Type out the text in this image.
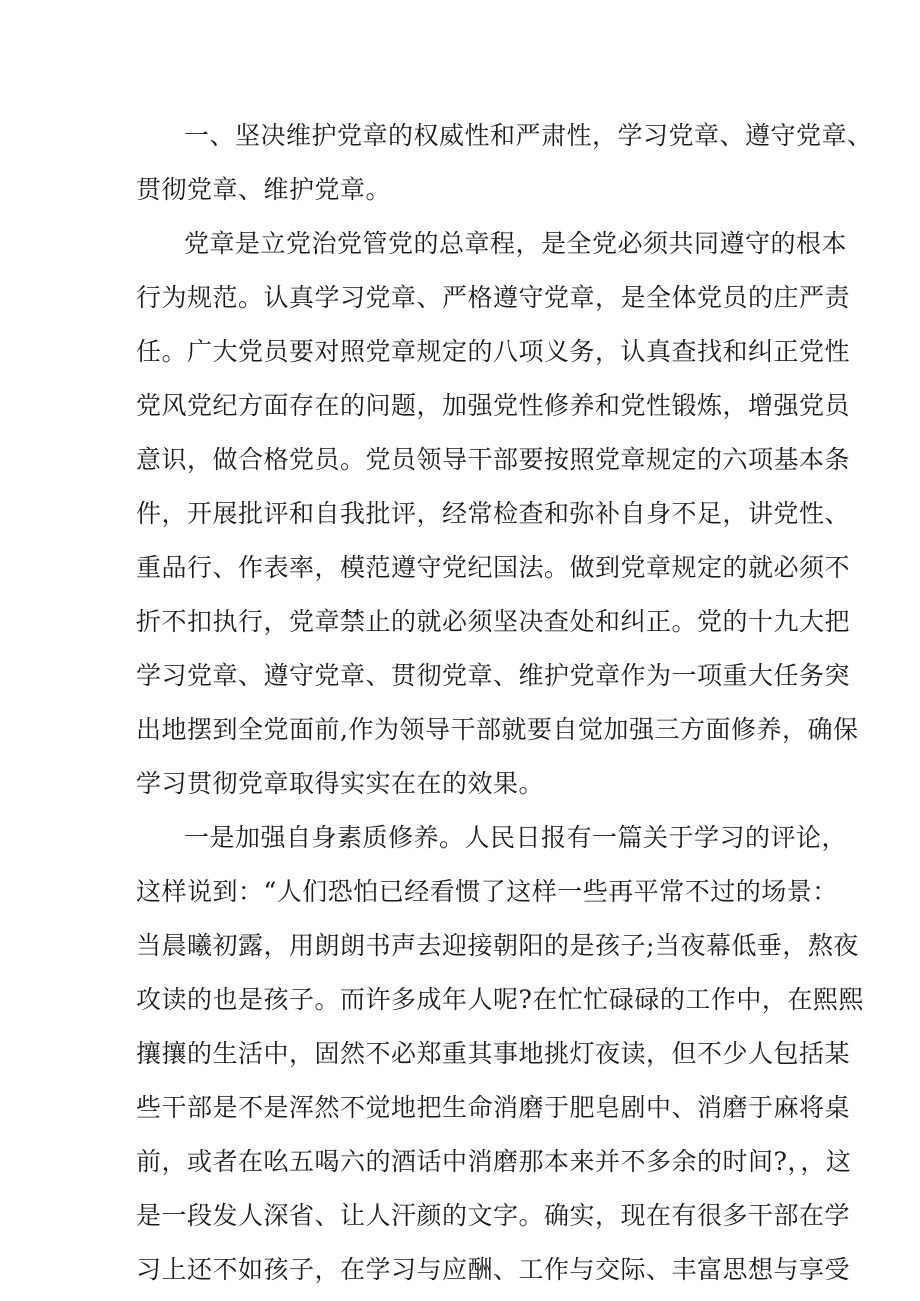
一、坚决维护党章的权威性和严肃性，学习党章、遵守党章、
贯彻党章、维护党章。
党章是立党治党管党的总章程，是全党必须共同遵守的根本
行为规范。认真学习党章、严格遵守党章，是全体党员的庄严责
任。广大党员要对照党章规定的八项义务，认真查找和纠正党性
党风党纪方面存在的问题，加强党性修养和党性锻炼，增强党员
意识，做合格党员。党员领导干部要按照党章规定的六项基本条
件，开展批评和自我批评，经常检查和弥补自身不足，讲党性、
重品行、作表率，模范遵守党纪国法。做到党章规定的就必须不
折不扣执行，党章禁止的就必须坚决查处和纠正。党的十九大把
学习党章、遵守党章、贯彻党章、维护党章作为一项重大任务突
出地摆到全党面前,作为领导干部就要自觉加强三方面修养，确保
学习贯彻党章取得实实在在的效果。
一是加强自身素质修养。人民日报有一篇关于学习的评论，
这样说到：“人们恐怕已经看惯了这样一些再平常不过的场景：
当晨曦初露，用朗朗书声去迎接朝阳的是孩子;当夜幕低垂，熬夜
攻读的也是孩子。而许多成年人呢?在忙忙碌碌的工作中，在熙熙
攘攘的生活中，固然不必郑重其事地挑灯夜读，但不少人包括某
些干部是不是浑然不觉地把生命消磨于肥皂剧中、消磨于麻将桌
前，或者在吆五喝六的酒话中消磨那本来并不多余的时间?，，这
是一段发人深省、让人汗颜的文字。确实，现在有很多干部在学
习上还不如孩子，在学习与应酬、工作与交际、丰富思想与享受
